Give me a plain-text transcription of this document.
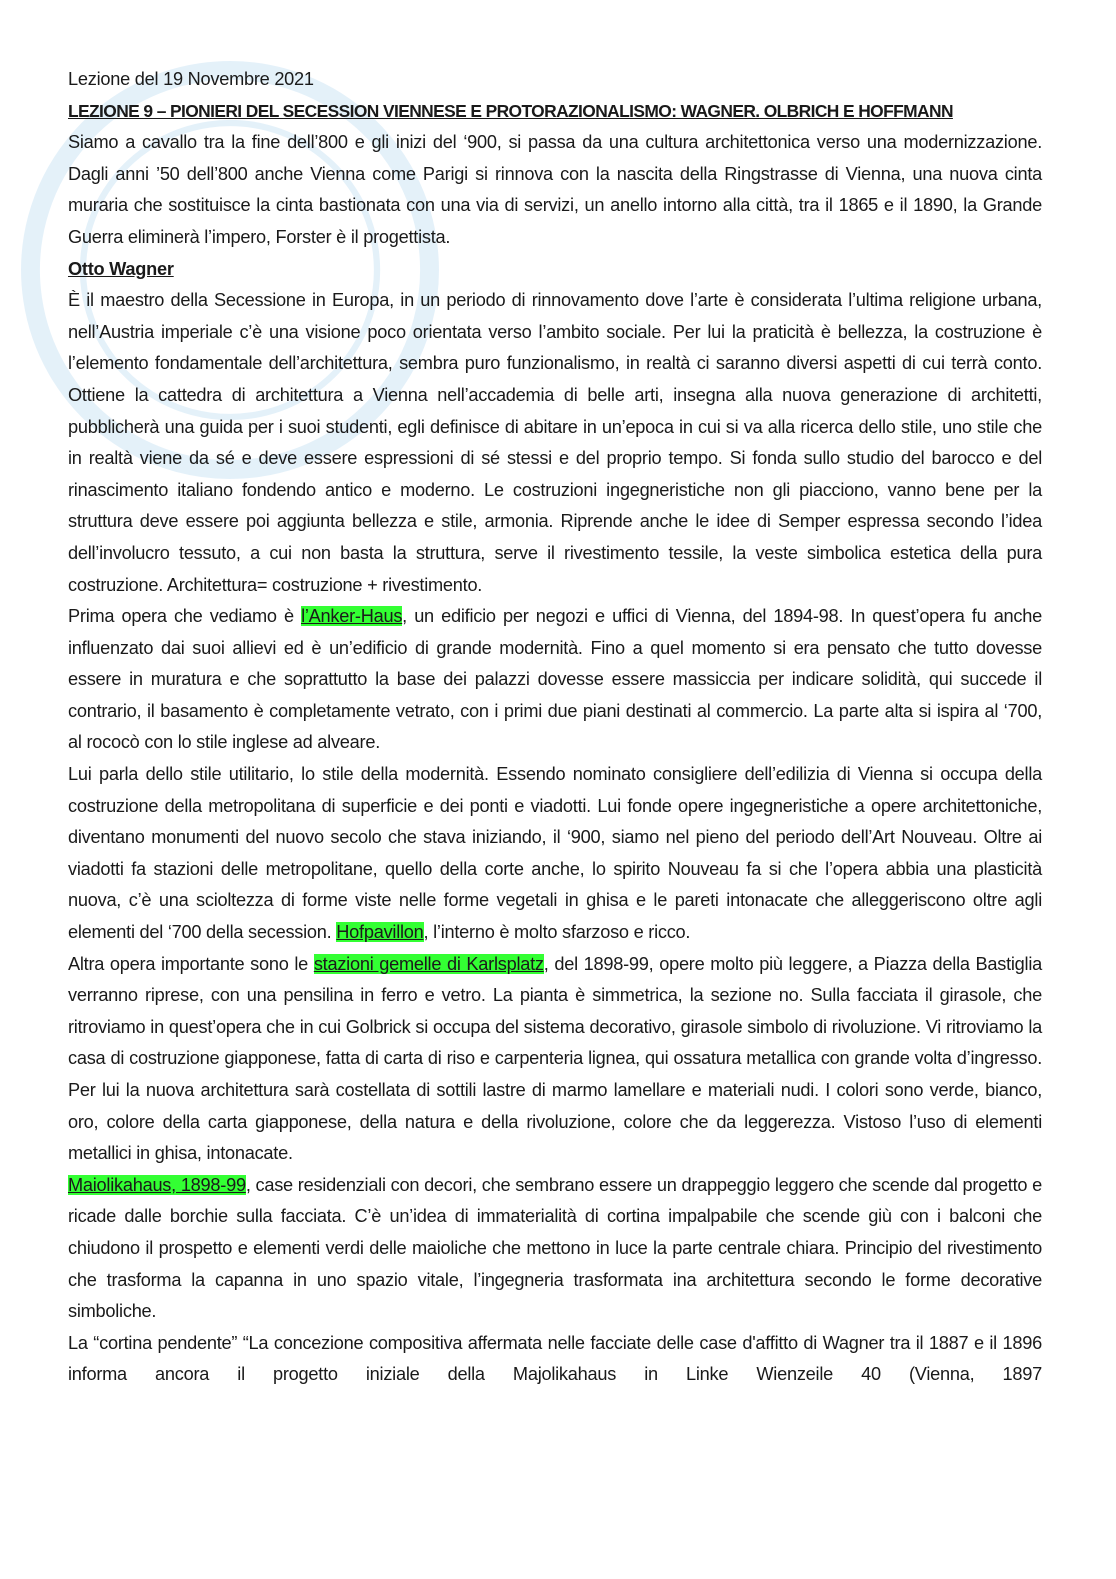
Lezione del 19 Novembre 2021

LEZIONE 9 – PIONIERI DEL SECESSION VIENNESE E PROTORAZIONALISMO: WAGNER. OLBRICH E HOFFMANN

Siamo a cavallo tra la fine dell’800 e gli inizi del ‘900, si passa da una cultura architettonica verso una modernizzazione. Dagli anni ’50 dell’800 anche Vienna come Parigi si rinnova con la nascita della Ringstrasse di Vienna, una nuova cinta muraria che sostituisce la cinta bastionata con una via di servizi, un anello intorno alla città, tra il 1865 e il 1890, la Grande Guerra eliminerà l’impero, Forster è il progettista.

Otto Wagner

È il maestro della Secessione in Europa, in un periodo di rinnovamento dove l’arte è considerata l’ultima religione urbana, nell’Austria imperiale c’è una visione poco orientata verso l’ambito sociale. Per lui la praticità è bellezza, la costruzione è l’elemento fondamentale dell’architettura, sembra puro funzionalismo, in realtà ci saranno diversi aspetti di cui terrà conto. Ottiene la cattedra di architettura a Vienna nell’accademia di belle arti, insegna alla nuova generazione di architetti, pubblicherà una guida per i suoi studenti, egli definisce di abitare in un’epoca in cui si va alla ricerca dello stile, uno stile che in realtà viene da sé e deve essere espressioni di sé stessi e del proprio tempo. Si fonda sullo studio del barocco e del rinascimento italiano fondendo antico e moderno. Le costruzioni ingegneristiche non gli piacciono, vanno bene per la struttura deve essere poi aggiunta bellezza e stile, armonia. Riprende anche le idee di Semper espressa secondo l’idea dell’involucro tessuto, a cui non basta la struttura, serve il rivestimento tessile, la veste simbolica estetica della pura costruzione. Architettura= costruzione + rivestimento.

Prima opera che vediamo è l’Anker-Haus, un edificio per negozi e uffici di Vienna, del 1894-98. In quest’opera fu anche influenzato dai suoi allievi ed è un’edificio di grande modernità. Fino a quel momento si era pensato che tutto dovesse essere in muratura e che soprattutto la base dei palazzi dovesse essere massiccia per indicare solidità, qui succede il contrario, il basamento è completamente vetrato, con i primi due piani destinati al commercio. La parte alta si ispira al ‘700, al rococò con lo stile inglese ad alveare.

Lui parla dello stile utilitario, lo stile della modernità. Essendo nominato consigliere dell’edilizia di Vienna si occupa della costruzione della metropolitana di superficie e dei ponti e viadotti. Lui fonde opere ingegneristiche a opere architettoniche, diventano monumenti del nuovo secolo che stava iniziando, il ‘900, siamo nel pieno del periodo dell’Art Nouveau. Oltre ai viadotti fa stazioni delle metropolitane, quello della corte anche, lo spirito Nouveau fa si che l’opera abbia una plasticità nuova, c’è una scioltezza di forme viste nelle forme vegetali in ghisa e le pareti intonacate che alleggeriscono oltre agli elementi del ‘700 della secession. Hofpavillon, l’interno è molto sfarzoso e ricco.

Altra opera importante sono le stazioni gemelle di Karlsplatz, del 1898-99, opere molto più leggere, a Piazza della Bastiglia verranno riprese, con una pensilina in ferro e vetro. La pianta è simmetrica, la sezione no. Sulla facciata il girasole, che ritroviamo in quest’opera che in cui Golbrick si occupa del sistema decorativo, girasole simbolo di rivoluzione. Vi ritroviamo la casa di costruzione giapponese, fatta di carta di riso e carpenteria lignea, qui ossatura metallica con grande volta d’ingresso. Per lui la nuova architettura sarà costellata di sottili lastre di marmo lamellare e materiali nudi. I colori sono verde, bianco, oro, colore della carta giapponese, della natura e della rivoluzione, colore che da leggerezza. Vistoso l’uso di elementi metallici in ghisa, intonacate.

Maiolikahaus, 1898-99, case residenziali con decori, che sembrano essere un drappeggio leggero che scende dal progetto e ricade dalle borchie sulla facciata. C’è un’idea di immaterialità di cortina impalpabile che scende giù con i balconi che chiudono il prospetto e elementi verdi delle maioliche che mettono in luce la parte centrale chiara. Principio del rivestimento che trasforma la capanna in uno spazio vitale, l’ingegneria trasformata ina architettura secondo le forme decorative simboliche.

La “cortina pendente” “La concezione compositiva affermata nelle facciate delle case d'affitto di Wagner tra il 1887 e il 1896 informa ancora il progetto iniziale della Majolikahaus in Linke Wienzeile 40 (Vienna, 1897
